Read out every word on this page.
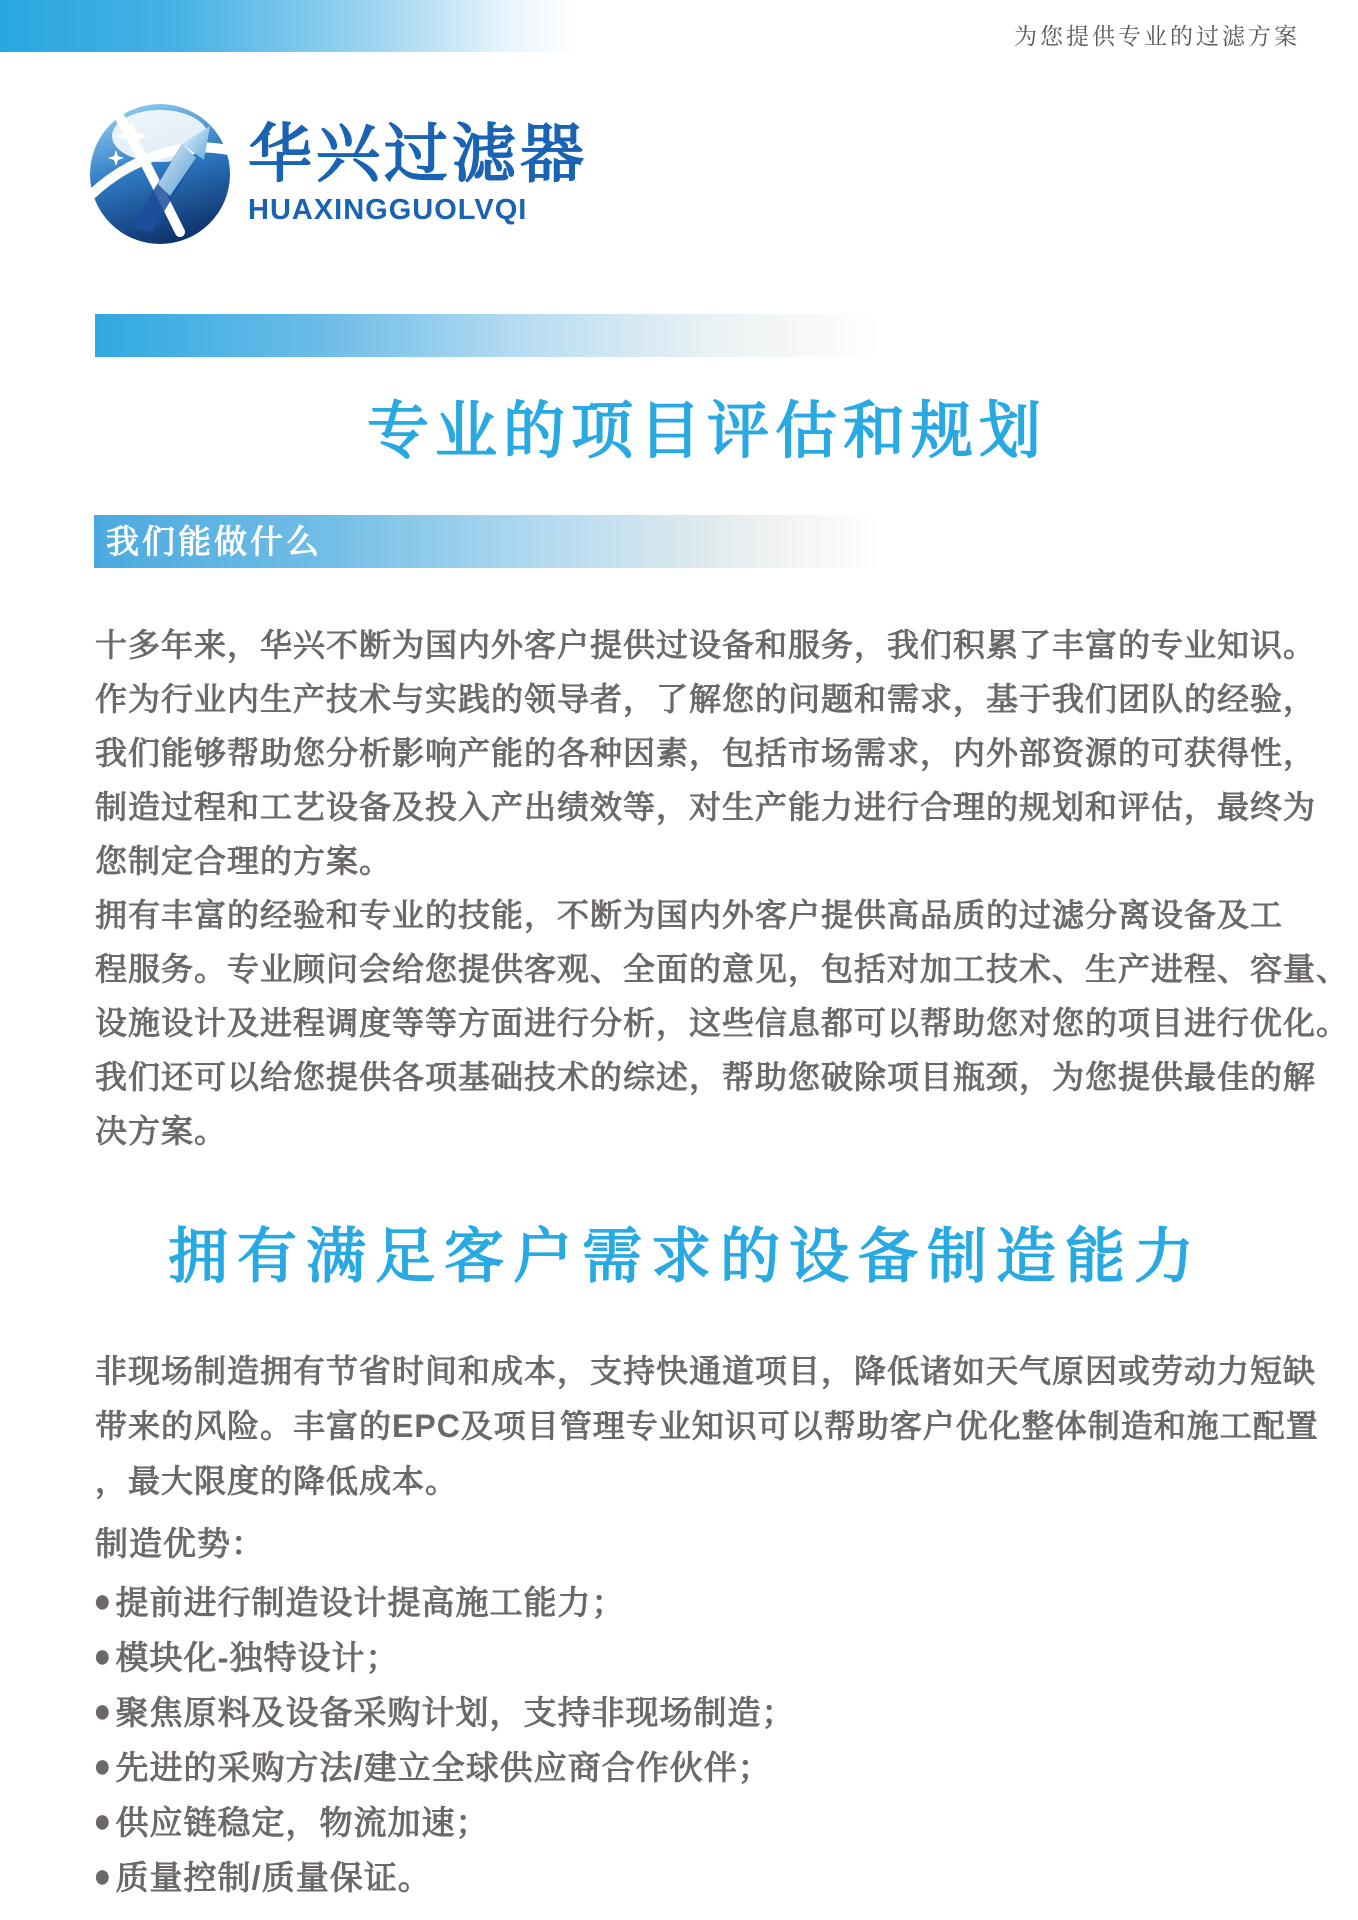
为您提供专业的过滤方案
华兴过滤器
HUAXINGGUOLVQI
专业的项目评估和规划
我们能做什么
十多年来，华兴不断为国内外客户提供过设备和服务，我们积累了丰富的专业知识。
作为行业内生产技术与实践的领导者，了解您的问题和需求，基于我们团队的经验，
我们能够帮助您分析影响产能的各种因素，包括市场需求，内外部资源的可获得性，
制造过程和工艺设备及投入产出绩效等，对生产能力进行合理的规划和评估，最终为
您制定合理的方案。
拥有丰富的经验和专业的技能，不断为国内外客户提供高品质的过滤分离设备及工
程服务。专业顾问会给您提供客观、全面的意见，包括对加工技术、生产进程、容量、
设施设计及进程调度等等方面进行分析，这些信息都可以帮助您对您的项目进行优化。
我们还可以给您提供各项基础技术的综述，帮助您破除项目瓶颈，为您提供最佳的解
决方案。
拥有满足客户需求的设备制造能力
非现场制造拥有节省时间和成本，支持快通道项目，降低诸如天气原因或劳动力短缺
带来的风险。丰富的EPC及项目管理专业知识可以帮助客户优化整体制造和施工配置
，最大限度的降低成本。
制造优势：
● 提前进行制造设计提高施工能力；
● 模块化-独特设计；
● 聚焦原料及设备采购计划，支持非现场制造；
● 先进的采购方法/建立全球供应商合作伙伴；
● 供应链稳定，物流加速；
● 质量控制/质量保证。
